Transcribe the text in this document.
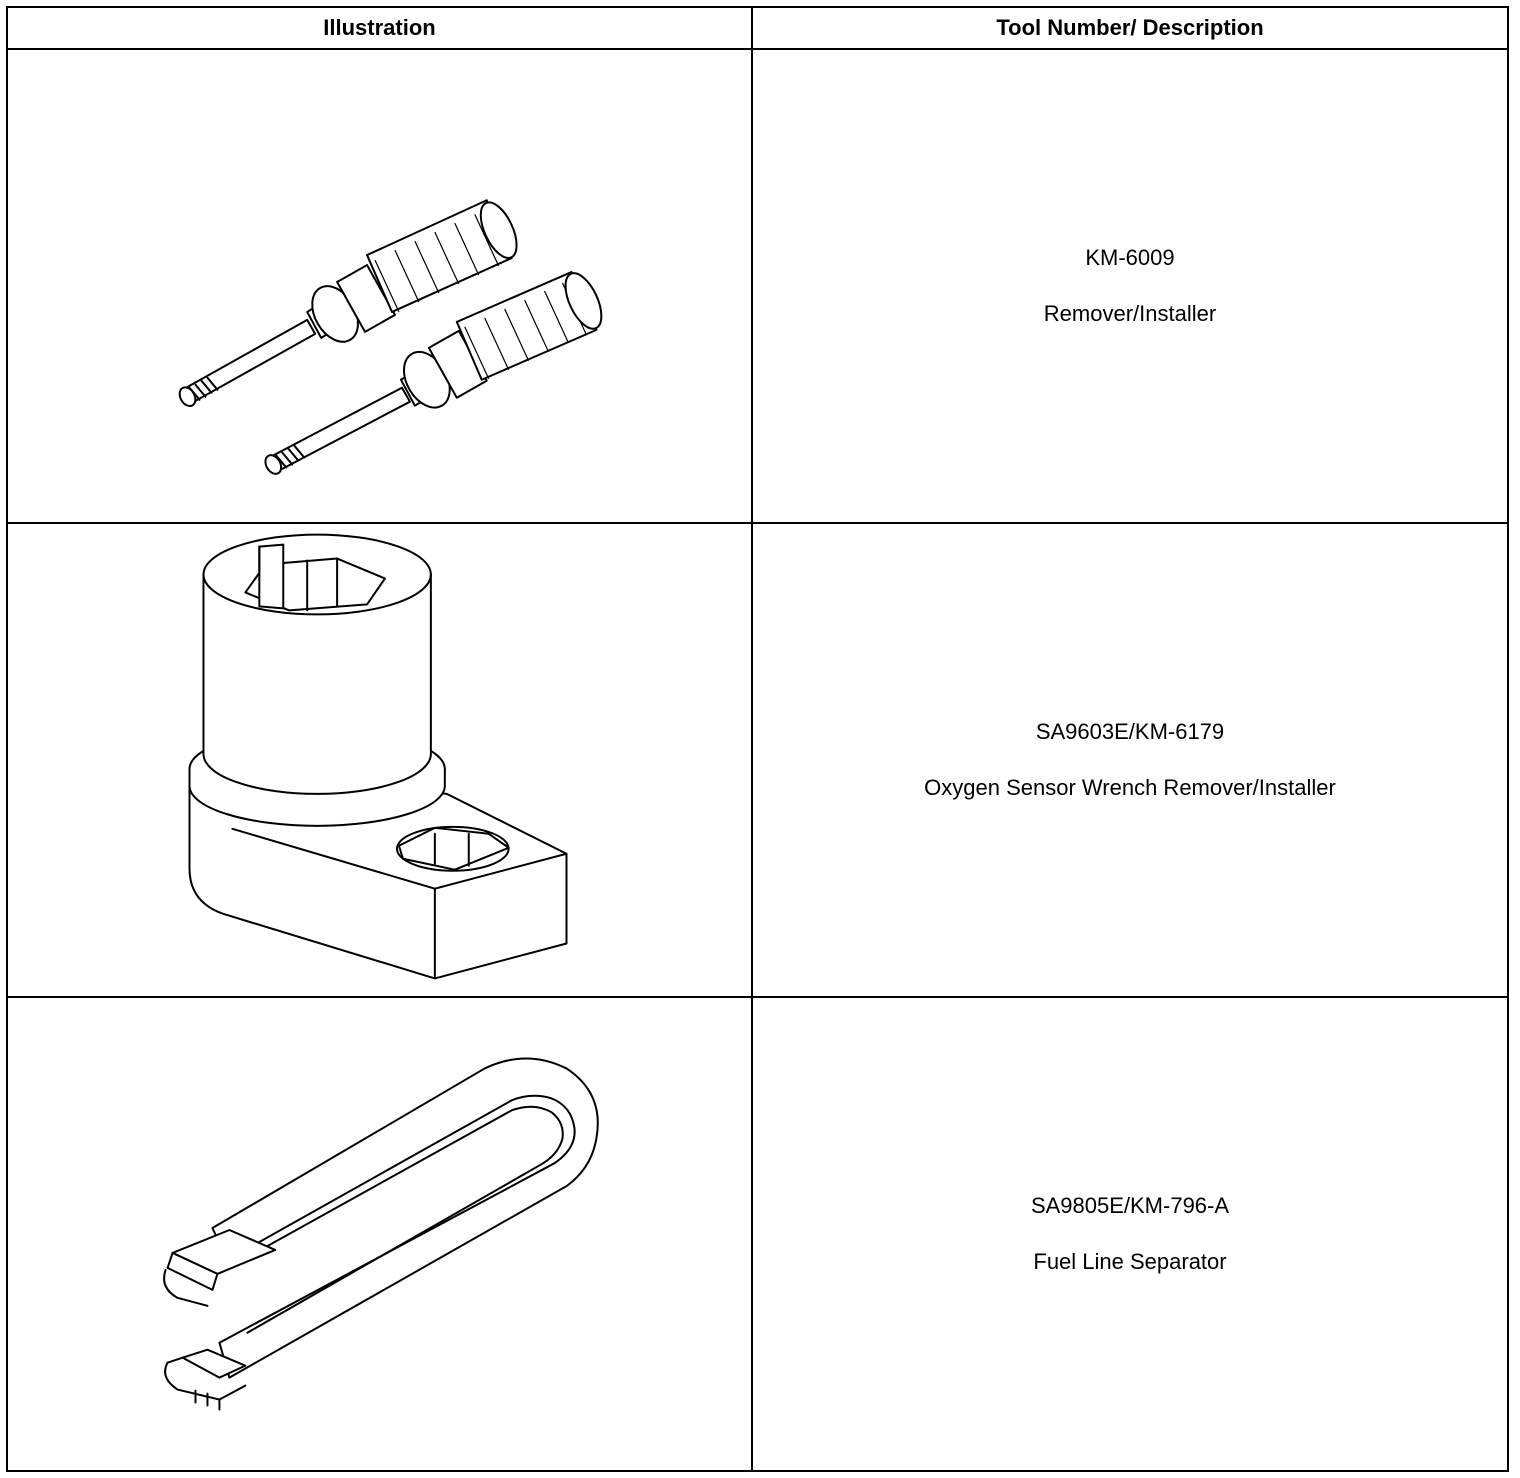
Illustration	Tool Number/ Description

KM-6009
Remover/Installer

SA9603E/KM-6179
Oxygen Sensor Wrench Remover/Installer

SA9805E/KM-796-A
Fuel Line Separator
